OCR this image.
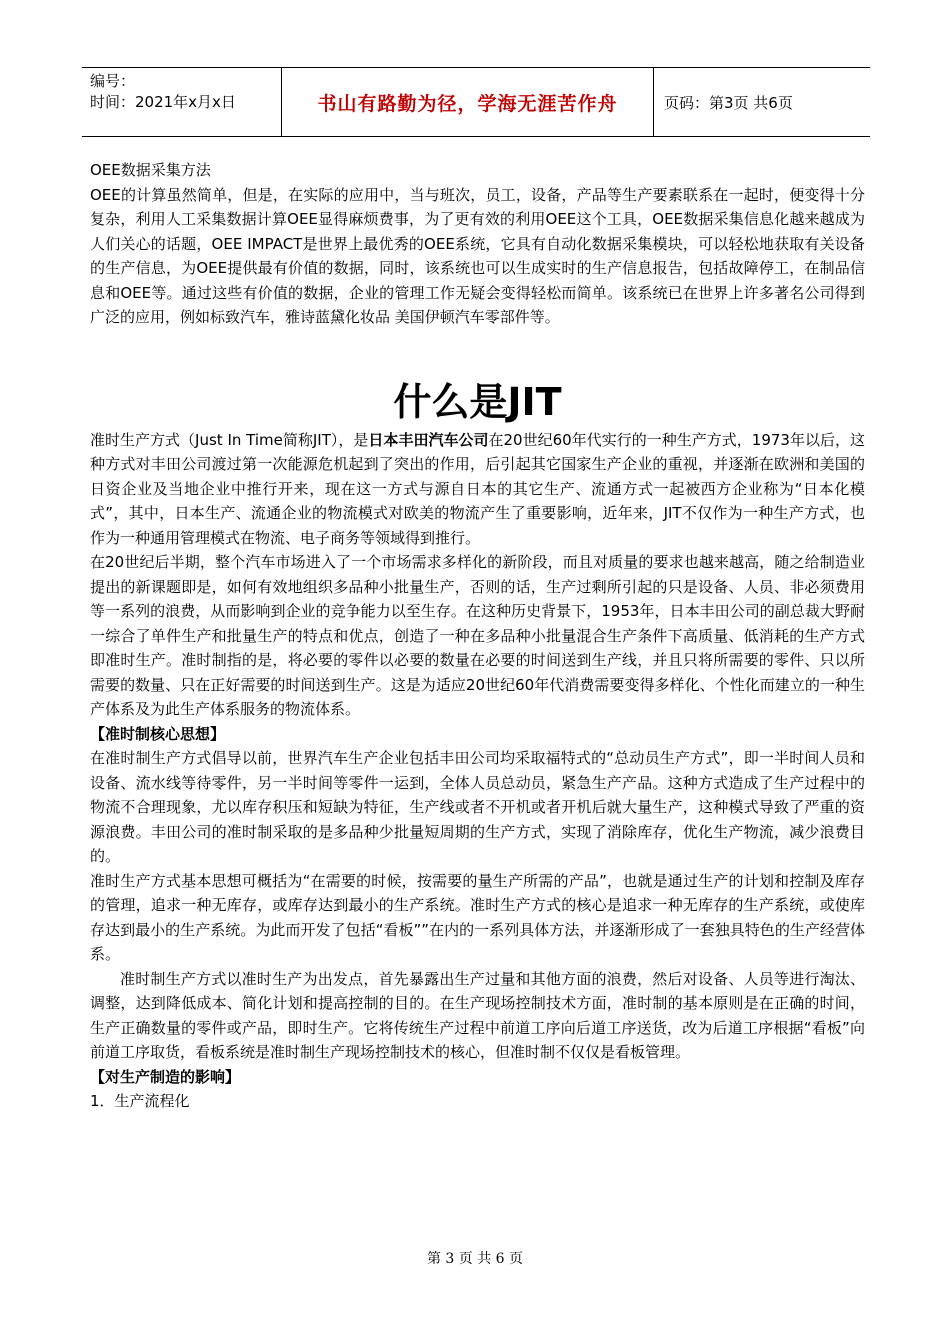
编号：
时间：2021年x月x日	书山有路勤为径，学海无涯苦作舟	页码：第3页 共6页

OEE数据采集方法

OEE的计算虽然简单，但是，在实际的应用中，当与班次，员工，设备，产品等生产要素联系在一起时，便变得十分复杂，利用人工采集数据计算OEE显得麻烦费事，为了更有效的利用OEE这个工具，OEE数据采集信息化越来越成为人们关心的话题，OEE IMPACT是世界上最优秀的OEE系统，它具有自动化数据采集模块，可以轻松地获取有关设备的生产信息，为OEE提供最有价值的数据，同时，该系统也可以生成实时的生产信息报告，包括故障停工，在制品信息和OEE等。通过这些有价值的数据，企业的管理工作无疑会变得轻松而简单。该系统已在世界上许多著名公司得到广泛的应用，例如标致汽车，雅诗蓝黛化妆品 美国伊顿汽车零部件等。

什么是JIT

准时生产方式（Just In Time简称JIT），是日本丰田汽车公司在20世纪60年代实行的一种生产方式，1973年以后，这种方式对丰田公司渡过第一次能源危机起到了突出的作用，后引起其它国家生产企业的重视，并逐渐在欧洲和美国的日资企业及当地企业中推行开来，现在这一方式与源自日本的其它生产、流通方式一起被西方企业称为“日本化模式”，其中，日本生产、流通企业的物流模式对欧美的物流产生了重要影响，近年来，JIT不仅作为一种生产方式，也作为一种通用管理模式在物流、电子商务等领域得到推行。

在20世纪后半期，整个汽车市场进入了一个市场需求多样化的新阶段，而且对质量的要求也越来越高，随之给制造业提出的新课题即是，如何有效地组织多品种小批量生产，否则的话，生产过剩所引起的只是设备、人员、非必须费用等一系列的浪费，从而影响到企业的竞争能力以至生存。在这种历史背景下，1953年，日本丰田公司的副总裁大野耐一综合了单件生产和批量生产的特点和优点，创造了一种在多品种小批量混合生产条件下高质量、低消耗的生产方式即准时生产。准时制指的是，将必要的零件以必要的数量在必要的时间送到生产线，并且只将所需要的零件、只以所需要的数量、只在正好需要的时间送到生产。这是为适应20世纪60年代消费需要变得多样化、个性化而建立的一种生产体系及为此生产体系服务的物流体系。

【准时制核心思想】

在准时制生产方式倡导以前，世界汽车生产企业包括丰田公司均采取福特式的“总动员生产方式”，即一半时间人员和设备、流水线等待零件，另一半时间等零件一运到，全体人员总动员，紧急生产产品。这种方式造成了生产过程中的物流不合理现象，尤以库存积压和短缺为特征，生产线或者不开机或者开机后就大量生产，这种模式导致了严重的资源浪费。丰田公司的准时制采取的是多品种少批量短周期的生产方式，实现了消除库存，优化生产物流，减少浪费目的。

准时生产方式基本思想可概括为“在需要的时候，按需要的量生产所需的产品”，也就是通过生产的计划和控制及库存的管理，追求一种无库存，或库存达到最小的生产系统。准时生产方式的核心是追求一种无库存的生产系统，或使库存达到最小的生产系统。为此而开发了包括“看板””在内的一系列具体方法，并逐渐形成了一套独具特色的生产经营体系。

准时制生产方式以准时生产为出发点，首先暴露出生产过量和其他方面的浪费，然后对设备、人员等进行淘汰、调整，达到降低成本、简化计划和提高控制的目的。在生产现场控制技术方面，准时制的基本原则是在正确的时间，生产正确数量的零件或产品，即时生产。它将传统生产过程中前道工序向后道工序送货，改为后道工序根据“看板”向前道工序取货，看板系统是准时制生产现场控制技术的核心，但准时制不仅仅是看板管理。

【对生产制造的影响】

1．生产流程化

第 3 页 共 6 页
